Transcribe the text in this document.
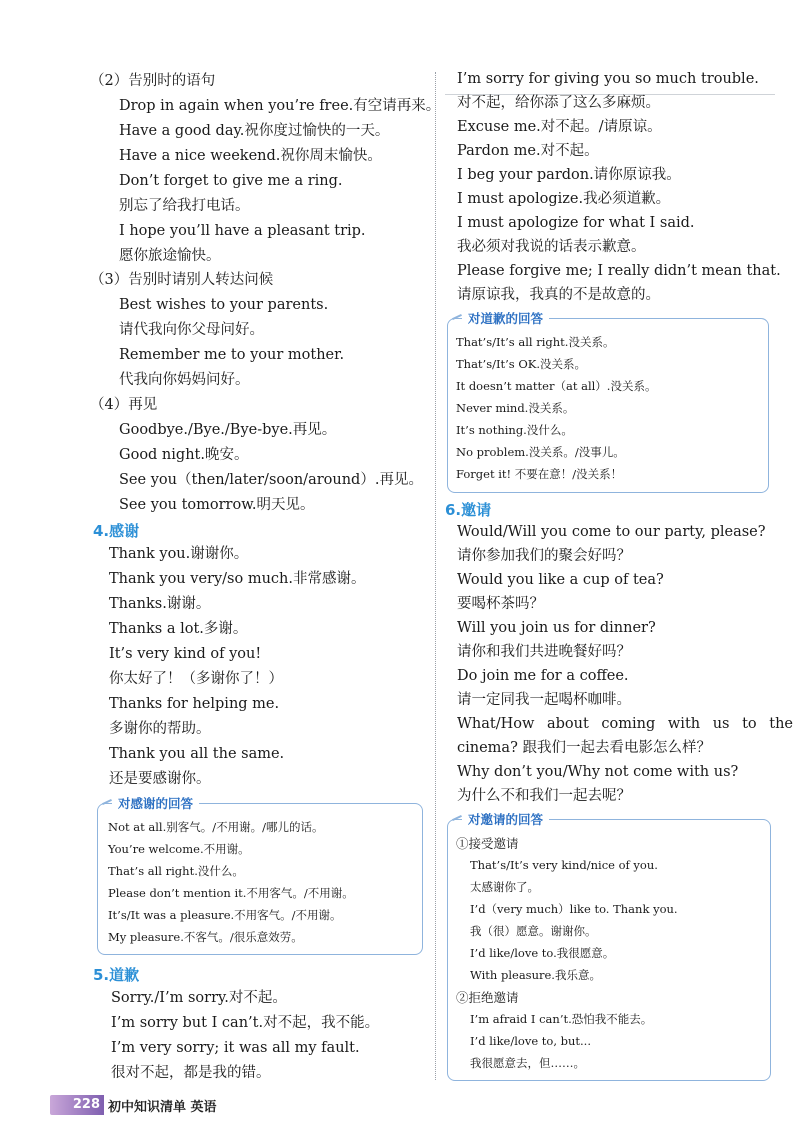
（2）告别时的语句
Drop in again when you’re free.有空请再来。
Have a good day.祝你度过愉快的一天。
Have a nice weekend.祝你周末愉快。
Don’t forget to give me a ring.
别忘了给我打电话。
I hope you’ll have a pleasant trip.
愿你旅途愉快。
（3）告别时请别人转达问候
Best wishes to your parents.
请代我向你父母问好。
Remember me to your mother.
代我向你妈妈问好。
（4）再见
Goodbye./Bye./Bye-bye.再见。
Good night.晚安。
See you（then/later/soon/around）.再见。
See you tomorrow.明天见。
4.感谢
Thank you.谢谢你。
Thank you very/so much.非常感谢。
Thanks.谢谢。
Thanks a lot.多谢。
It’s very kind of you!
你太好了！（多谢你了！）
Thanks for helping me.
多谢你的帮助。
Thank you all the same.
还是要感谢你。
对感谢的回答
Not at all.别客气。/不用谢。/哪儿的话。
You’re welcome.不用谢。
That’s all right.没什么。
Please don’t mention it.不用客气。/不用谢。
It’s/It was a pleasure.不用客气。/不用谢。
My pleasure.不客气。/很乐意效劳。
5.道歉
Sorry./I’m sorry.对不起。
I’m sorry but I can’t.对不起，我不能。
I’m very sorry; it was all my fault.
很对不起，都是我的错。
I’m sorry for giving you so much trouble.
对不起，给你添了这么多麻烦。
Excuse me.对不起。/请原谅。
Pardon me.对不起。
I beg your pardon.请你原谅我。
I must apologize.我必须道歉。
I must apologize for what I said.
我必须对我说的话表示歉意。
Please forgive me; I really didn’t mean that.
请原谅我，我真的不是故意的。
对道歉的回答
That’s/It’s all right.没关系。
That’s/It’s OK.没关系。
It doesn’t matter（at all）.没关系。
Never mind.没关系。
It’s nothing.没什么。
No problem.没关系。/没事儿。
Forget it! 不要在意！/没关系！
6.邀请
Would/Will you come to our party, please?
请你参加我们的聚会好吗？
Would you like a cup of tea?
要喝杯茶吗？
Will you join us for dinner?
请你和我们共进晚餐好吗？
Do join me for a coffee.
请一定同我一起喝杯咖啡。
What/How about coming with us to the
cinema? 跟我们一起去看电影怎么样？
Why don’t you/Why not come with us?
为什么不和我们一起去呢？
对邀请的回答
①接受邀请
That’s/It’s very kind/nice of you.
太感谢你了。
I’d（very much）like to. Thank you.
我（很）愿意。谢谢你。
I’d like/love to.我很愿意。
With pleasure.我乐意。
②拒绝邀请
I’m afraid I can’t.恐怕我不能去。
I’d like/love to, but...
我很愿意去，但……。
228 初中知识清单 英语
